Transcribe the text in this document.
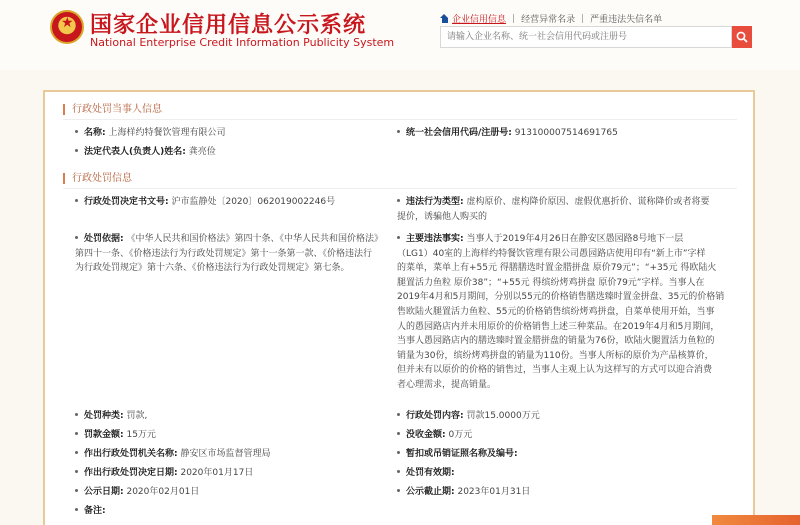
★
国家企业信用信息公示系统
National Enterprise Credit Information Publicity System
企业信用信息 | 经营异常名录 | 严重违法失信名单
请输入企业名称、统一社会信用代码或注册号
行政处罚当事人信息
名称: 上海样约特餐饮管理有限公司	统一社会信用代码/注册号: 913100007514691765
法定代表人(负责人)姓名: 龚亮俭
行政处罚信息
行政处罚决定书文号: 沪市监静处〔2020〕062019002246号	违法行为类型: 虚构原价、虚构降价原因、虚假优惠折价、谎称降价或者将要
提价，诱骗他人购买的
处罚依据: 《中华人民共和国价格法》第四十条、《中华人民共和国价格法》
第四十一条、《价格违法行为行政处罚规定》第十一条第一款、《价格违法行
为行政处罚规定》第十六条、《价格违法行为行政处罚规定》第七条。
主要违法事实: 当事人于2019年4月26日在静安区愚园路8号地下一层
（LG1）40室的上海样约特餐饮管理有限公司愚园路店使用印有“新上市”字样
的菜单，菜单上有+55元 得膳膳选时置金腊拼盘 原价79元”；“+35元 得欧陆火
腿置活力鱼粒 原价38”；“+55元 得缤纷烤鸡拼盘 原价79元”字样。当事人在
2019年4月和5月期间，分别以55元的价格销售膳选臻时置金拼盘、35元的价格销
售欧陆火腿置活力鱼粒、55元的价格销售缤纷烤鸡拼盘，自菜单使用开始，当事
人的愚园路店内并未用原价的价格销售上述三种菜品。在2019年4月和5月期间，
当事人愚园路店内的膳选臻时置金腊拼盘的销量为76份，欧陆火腿置活力鱼粒的
销量为30份，缤纷烤鸡拼盘的销量为110份。当事人所标的原价为产品核算价，
但并未有以原价的价格的销售过，当事人主观上认为这样写的方式可以迎合消费
者心理需求，提高销量。
处罚种类: 罚款,	行政处罚内容: 罚款15.0000万元
罚款金额: 15万元	没收金额: 0万元
作出行政处罚机关名称: 静安区市场监督管理局	暂扣或吊销证照名称及编号:
作出行政处罚决定日期: 2020年01月17日	处罚有效期:
公示日期: 2020年02月01日	公示截止期: 2023年01月31日
备注:
